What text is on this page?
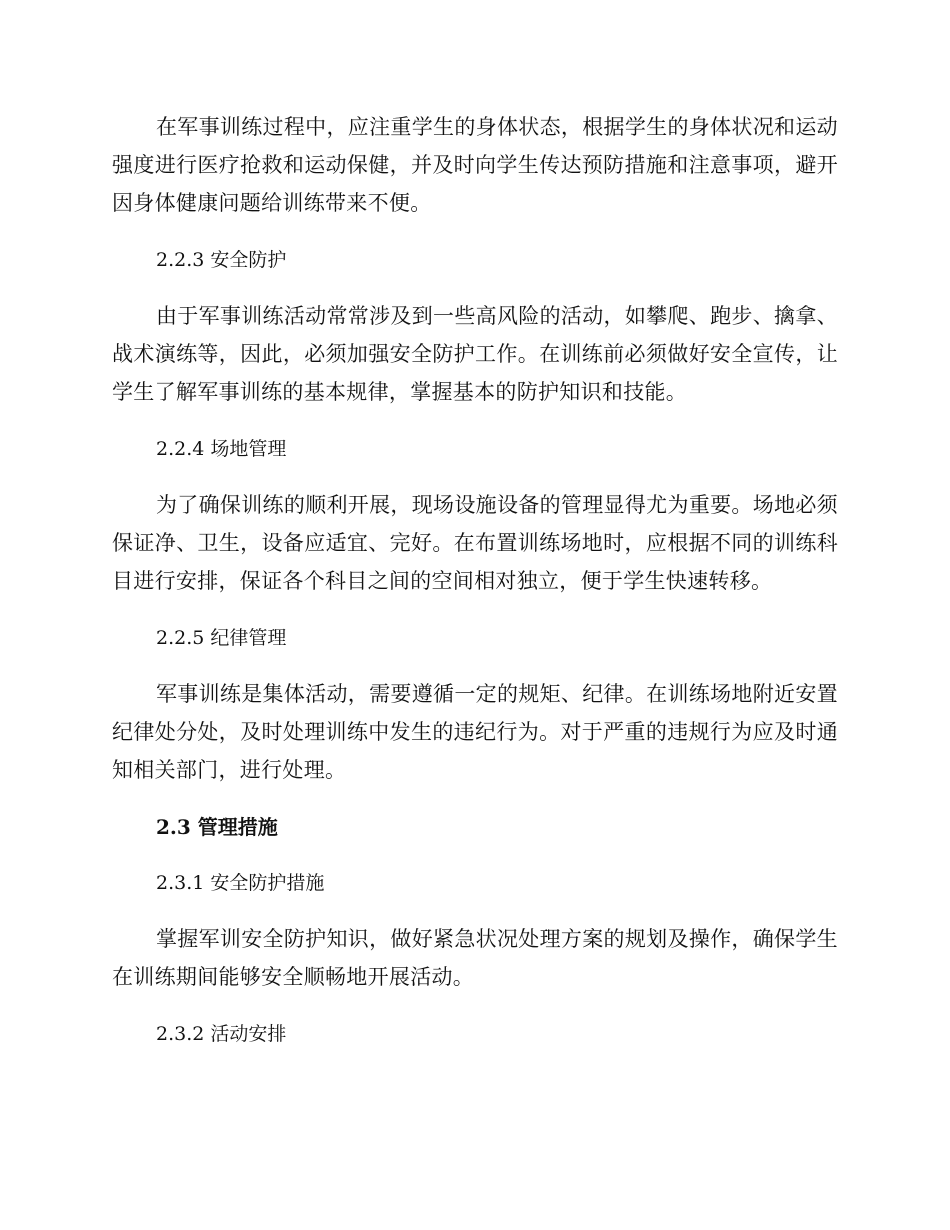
在军事训练过程中，应注重学生的身体状态，根据学生的身体状况和运动强度进行医疗抢救和运动保健，并及时向学生传达预防措施和注意事项，避开因身体健康问题给训练带来不便。

2.2.3 安全防护

由于军事训练活动常常涉及到一些高风险的活动，如攀爬、跑步、擒拿、战术演练等，因此，必须加强安全防护工作。在训练前必须做好安全宣传，让学生了解军事训练的基本规律，掌握基本的防护知识和技能。

2.2.4 场地管理

为了确保训练的顺利开展，现场设施设备的管理显得尤为重要。场地必须保证净、卫生，设备应适宜、完好。在布置训练场地时，应根据不同的训练科目进行安排，保证各个科目之间的空间相对独立，便于学生快速转移。

2.2.5 纪律管理

军事训练是集体活动，需要遵循一定的规矩、纪律。在训练场地附近安置纪律处分处，及时处理训练中发生的违纪行为。对于严重的违规行为应及时通知相关部门，进行处理。

2.3 管理措施

2.3.1 安全防护措施

掌握军训安全防护知识，做好紧急状况处理方案的规划及操作，确保学生在训练期间能够安全顺畅地开展活动。

2.3.2 活动安排
